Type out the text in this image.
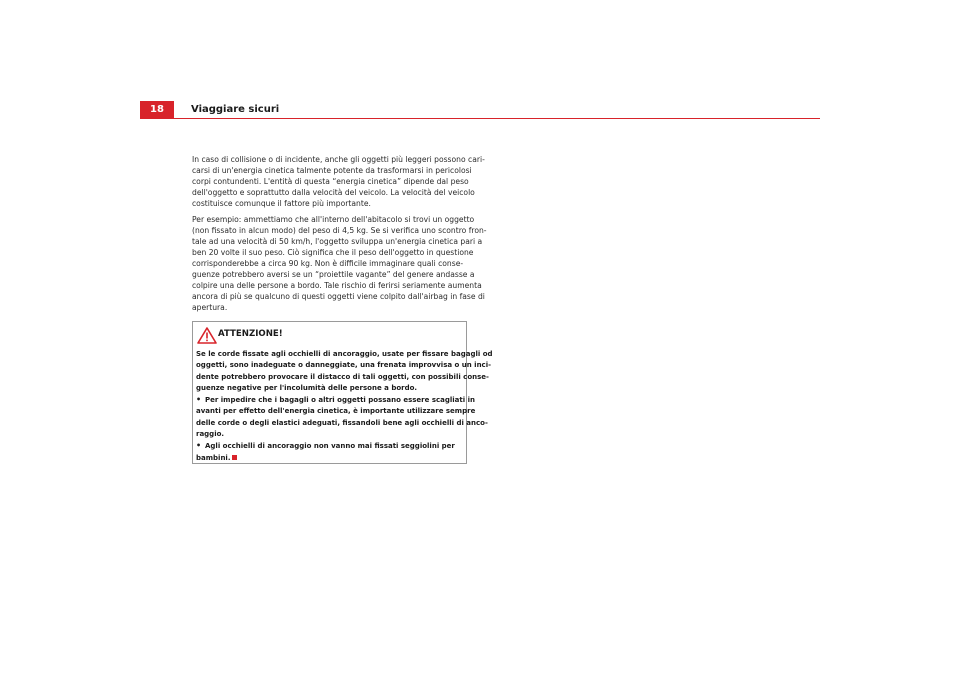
18	Viaggiare sicuri

In caso di collisione o di incidente, anche gli oggetti più leggeri possono cari-
carsi di un'energia cinetica talmente potente da trasformarsi in pericolosi
corpi contundenti. L'entità di questa “energia cinetica” dipende dal peso
dell'oggetto e soprattutto dalla velocità del veicolo. La velocità del veicolo
costituisce comunque il fattore più importante.

Per esempio: ammettiamo che all'interno dell'abitacolo si trovi un oggetto
(non fissato in alcun modo) del peso di 4,5 kg. Se si verifica uno scontro fron-
tale ad una velocità di 50 km/h, l'oggetto sviluppa un'energia cinetica pari a
ben 20 volte il suo peso. Ciò significa che il peso dell'oggetto in questione
corrisponderebbe a circa 90 kg. Non è difficile immaginare quali conse-
guenze potrebbero aversi se un “proiettile vagante” del genere andasse a
colpire una delle persone a bordo. Tale rischio di ferirsi seriamente aumenta
ancora di più se qualcuno di questi oggetti viene colpito dall'airbag in fase di
apertura.

ATTENZIONE!
Se le corde fissate agli occhielli di ancoraggio, usate per fissare bagagli od
oggetti, sono inadeguate o danneggiate, una frenata improvvisa o un inci-
dente potrebbero provocare il distacco di tali oggetti, con possibili conse-
guenze negative per l'incolumità delle persone a bordo.
• Per impedire che i bagagli o altri oggetti possano essere scagliati in
avanti per effetto dell'energia cinetica, è importante utilizzare sempre
delle corde o degli elastici adeguati, fissandoli bene agli occhielli di anco-
raggio.
• Agli occhielli di ancoraggio non vanno mai fissati seggiolini per
bambini.
